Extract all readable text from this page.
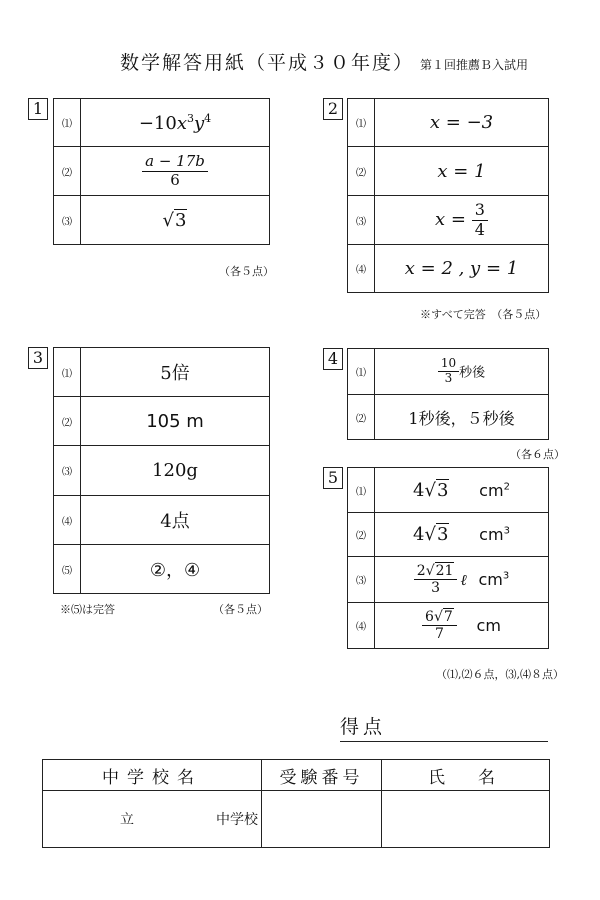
数学解答用紙（平成３０年度） 第１回推薦Ｂ入試用
1
⑴	$-10x^3y^4$
⑵	$\frac{a - 17b}{6}$

⑶	√3
（各５点）
2
⑴	x = −3
⑵	x = 1
⑶	$x = \frac{3}{4}$

⑷	x = 2 , y = 1
※すべて完答　（各５点）
3
⑴	5倍
⑵	105 m
⑶	120g
⑷	4点
⑸	②，④
※⑸は完答	（各５点）
4
⑴	$\frac{10}{3}$ 秒後
⑵	1秒後，５秒後
（各６点）
5
⑴	4√3 $cm^2$
⑵	4√3 $cm^3$
⑶	$\frac{2√21}{3}$ ℓ $cm^3$
⑷	$\frac{6√7}{7}$ cm
（⑴,⑵６点，⑶,⑷８点）
得点
中学校名	受験番号	氏　名
立 中学校		
